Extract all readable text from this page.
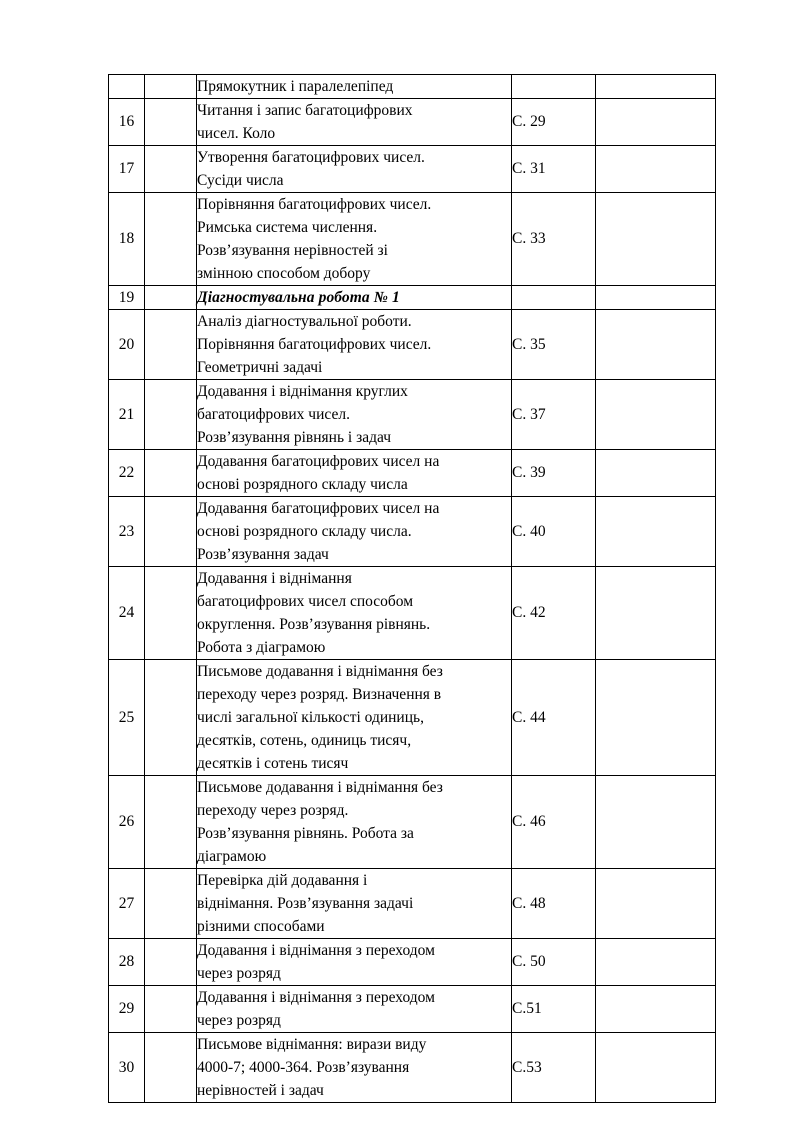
		Прямокутник і паралелепіпед		

16		Читання і запис багатоцифрових
чисел. Коло	С. 29	
17		Утворення багатоцифрових чисел.
Сусіди числа	С. 31	
18		Порівняння багатоцифрових чисел.
Римська система числення.
Розв’язування нерівностей зі
змінною способом добору	С. 33	
19		Діагностувальна робота № 1		

20		Аналіз діагностувальної роботи.
Порівняння багатоцифрових чисел.
Геометричні задачі	С. 35	
21		Додавання і віднімання круглих
багатоцифрових чисел.
Розв’язування рівнянь і задач	С. 37	
22		Додавання багатоцифрових чисел на
основі розрядного складу числа	С. 39	
23		Додавання багатоцифрових чисел на
основі розрядного складу числа.
Розв’язування задач	С. 40	
24		Додавання і віднімання
багатоцифрових чисел способом
округлення. Розв’язування рівнянь.
Робота з діаграмою	С. 42	
25		Письмове додавання і віднімання без
переходу через розряд. Визначення в
числі загальної кількості одиниць,
десятків, сотень, одиниць тисяч,
десятків і сотень тисяч	С. 44	
26		Письмове додавання і віднімання без
переходу через розряд.
Розв’язування рівнянь. Робота за
діаграмою	С. 46	
27		Перевірка дій додавання і
віднімання. Розв’язування задачі
різними способами	С. 48	
28		Додавання і віднімання з переходом
через розряд	С. 50	
29		Додавання і віднімання з переходом
через розряд	С.51	
30		Письмове віднімання: вирази виду
4000-7; 4000-364. Розв’язування
нерівностей і задач	С.53	
